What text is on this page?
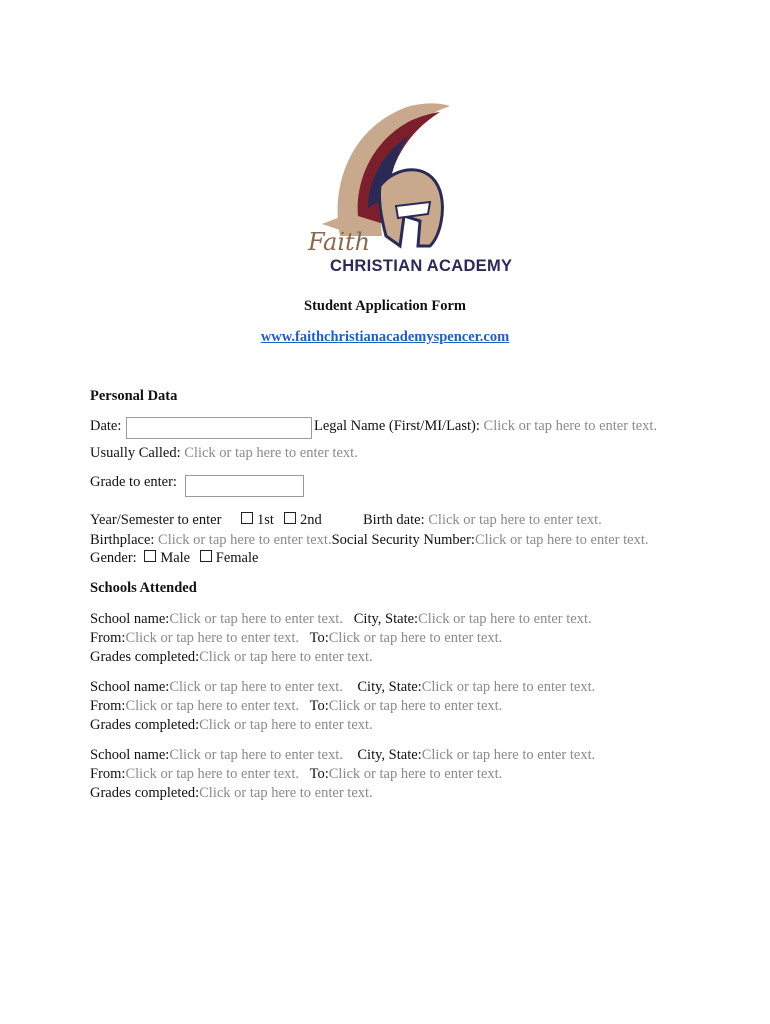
Faith
CHRISTIAN ACADEMY
Student Application Form
www.faithchristianacademyspencer.com
Personal Data
Date:	Legal Name (First/MI/Last): Click or tap here to enter text.
Usually Called: Click or tap here to enter text.
Grade to enter:
Year/Semester to enter	1st	2nd	Birth date: Click or tap here to enter text.
Birthplace: Click or tap here to enter text.Social Security Number:Click or tap here to enter text.
Gender: Male Female
Schools Attended
School name:Click or tap here to enter text. City, State:Click or tap here to enter text.
From:Click or tap here to enter text. To:Click or tap here to enter text.
Grades completed:Click or tap here to enter text.
School name:Click or tap here to enter text. City, State:Click or tap here to enter text.
From:Click or tap here to enter text. To:Click or tap here to enter text.
Grades completed:Click or tap here to enter text.
School name:Click or tap here to enter text. City, State:Click or tap here to enter text.
From:Click or tap here to enter text. To:Click or tap here to enter text.
Grades completed:Click or tap here to enter text.
